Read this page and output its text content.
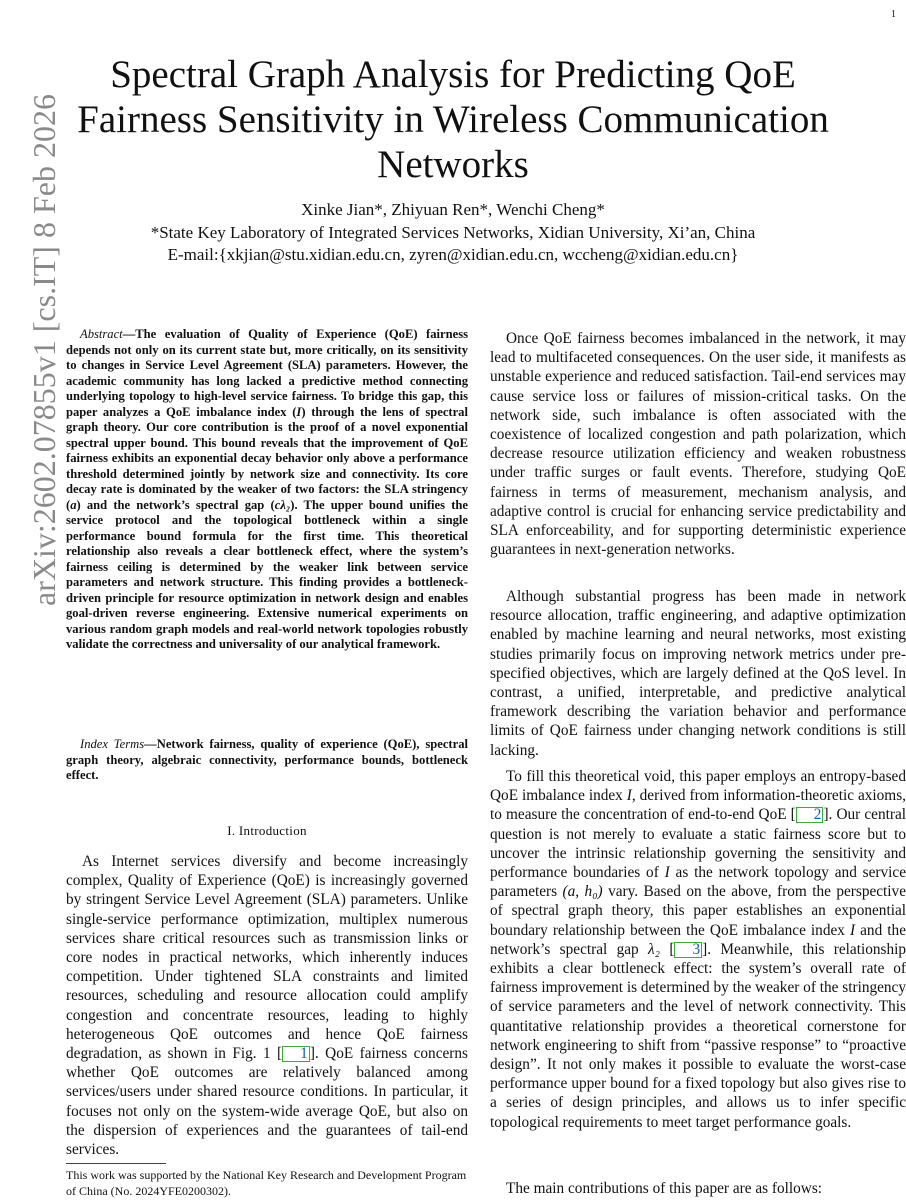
1
arXiv:2602.07855v1 [cs.IT] 8 Feb 2026
Spectral Graph Analysis for Predicting QoE Fairness Sensitivity in Wireless Communication Networks
Xinke Jian*, Zhiyuan Ren*, Wenchi Cheng*
*State Key Laboratory of Integrated Services Networks, Xidian University, Xi’an, China
E-mail:{xkjian@stu.xidian.edu.cn, zyren@xidian.edu.cn, wccheng@xidian.edu.cn}

Abstract—The evaluation of Quality of Experience (QoE) fairness depends not only on its current state but, more critically, on its sensitivity to changes in Service Level Agreement (SLA) parameters. However, the academic community has long lacked a predictive method connecting underlying topology to high-level service fairness. To bridge this gap, this paper analyzes a QoE imbalance index (I) through the lens of spectral graph theory. Our core contribution is the proof of a novel exponential spectral upper bound. This bound reveals that the improvement of QoE fairness exhibits an exponential decay behavior only above a performance threshold determined jointly by network size and connectivity. Its core decay rate is dominated by the weaker of two factors: the SLA stringency (a) and the network’s spectral gap (cλ₂). The upper bound unifies the service protocol and the topological bottleneck within a single performance bound formula for the first time. This theoretical relationship also reveals a clear bottleneck effect, where the system’s fairness ceiling is determined by the weaker link between service parameters and network structure. This finding provides a bottleneck-driven principle for resource optimization in network design and enables goal-driven reverse engineering. Extensive numerical experiments on various random graph models and real-world network topologies robustly validate the correctness and universality of our analytical framework.

Index Terms—Network fairness, quality of experience (QoE), spectral graph theory, algebraic connectivity, performance bounds, bottleneck effect.

I. Introduction

As Internet services diversify and become increasingly complex, Quality of Experience (QoE) is increasingly governed by stringent Service Level Agreement (SLA) parameters. Unlike single-service performance optimization, multiplex numerous services share critical resources such as transmission links or core nodes in practical networks, which inherently induces competition. Under tightened SLA constraints and limited resources, scheduling and resource allocation could amplify congestion and concentrate resources, leading to highly heterogeneous QoE outcomes and hence QoE fairness degradation, as shown in Fig. 1 [ 1 ]. QoE fairness concerns whether QoE outcomes are relatively balanced among services/users under shared resource conditions. In particular, it focuses not only on the system-wide average QoE, but also on the dispersion of experiences and the guarantees of tail-end services.

This work was supported by the National Key Research and Development Program of China (No. 2024YFE0200302).

Once QoE fairness becomes imbalanced in the network, it may lead to multifaceted consequences. On the user side, it manifests as unstable experience and reduced satisfaction. Tail-end services may cause service loss or failures of mission-critical tasks. On the network side, such imbalance is often associated with the coexistence of localized congestion and path polarization, which decrease resource utilization efficiency and weaken robustness under traffic surges or fault events. Therefore, studying QoE fairness in terms of measurement, mechanism analysis, and adaptive control is crucial for enhancing service predictability and SLA enforceability, and for supporting deterministic experience guarantees in next-generation networks.

Although substantial progress has been made in network resource allocation, traffic engineering, and adaptive optimization enabled by machine learning and neural networks, most existing studies primarily focus on improving network metrics under pre-specified objectives, which are largely defined at the QoS level. In contrast, a unified, interpretable, and predictive analytical framework describing the variation behavior and performance limits of QoE fairness under changing network conditions is still lacking.

To fill this theoretical void, this paper employs an entropy-based QoE imbalance index I, derived from information-theoretic axioms, to measure the concentration of end-to-end QoE [ 2 ]. Our central question is not merely to evaluate a static fairness score but to uncover the intrinsic relationship governing the sensitivity and performance boundaries of I as the network topology and service parameters (a, h₀) vary. Based on the above, from the perspective of spectral graph theory, this paper establishes an exponential boundary relationship between the QoE imbalance index I and the network’s spectral gap λ₂ [ 3 ]. Meanwhile, this relationship exhibits a clear bottleneck effect: the system’s overall rate of fairness improvement is determined by the weaker of the stringency of service parameters and the level of network connectivity. This quantitative relationship provides a theoretical cornerstone for network engineering to shift from “passive response” to “proactive design”. It not only makes it possible to evaluate the worst-case performance upper bound for a fixed topology but also gives rise to a series of design principles, and allows us to infer specific topological requirements to meet target performance goals.

The main contributions of this paper are as follows:
